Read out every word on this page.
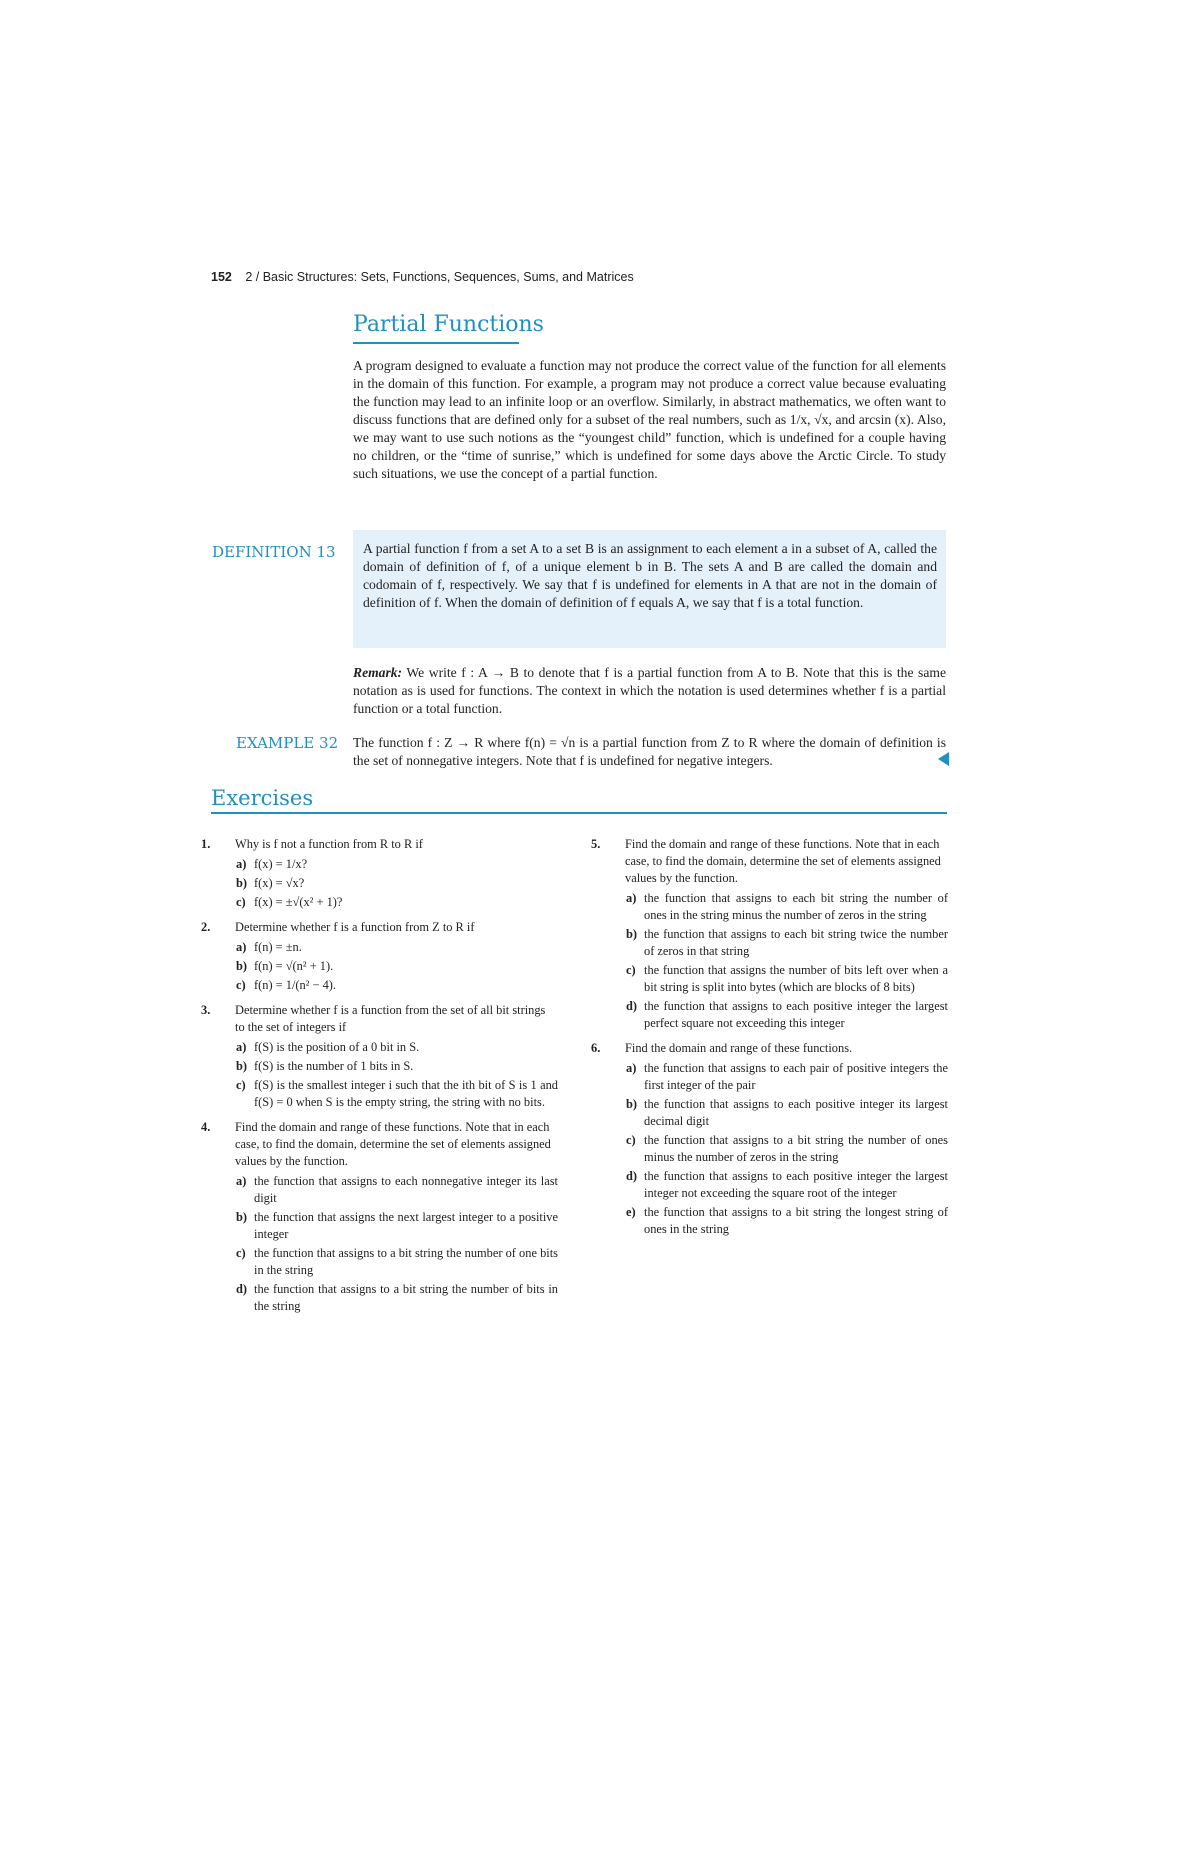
152 2 / Basic Structures: Sets, Functions, Sequences, Sums, and Matrices
Partial Functions
A program designed to evaluate a function may not produce the correct value of the function for all elements in the domain of this function. For example, a program may not produce a correct value because evaluating the function may lead to an infinite loop or an overflow. Similarly, in abstract mathematics, we often want to discuss functions that are defined only for a subset of the real numbers, such as 1/x, √x, and arcsin (x). Also, we may want to use such notions as the “youngest child” function, which is undefined for a couple having no children, or the “time of sunrise,” which is undefined for some days above the Arctic Circle. To study such situations, we use the concept of a partial function.
DEFINITION 13 A partial function f from a set A to a set B is an assignment to each element a in a subset of A, called the domain of definition of f, of a unique element b in B. The sets A and B are called the domain and codomain of f, respectively. We say that f is undefined for elements in A that are not in the domain of definition of f. When the domain of definition of f equals A, we say that f is a total function.
Remark: We write f : A → B to denote that f is a partial function from A to B. Note that this is the same notation as is used for functions. The context in which the notation is used determines whether f is a partial function or a total function.
EXAMPLE 32 The function f : Z → R where f(n) = √n is a partial function from Z to R where the domain of definition is the set of nonnegative integers. Note that f is undefined for negative integers.
Exercises
1. Why is f not a function from R to R if
a) f(x) = 1/x?
b) f(x) = √x?
c) f(x) = ±√(x² + 1)?
2. Determine whether f is a function from Z to R if
a) f(n) = ±n.
b) f(n) = √(n² + 1).
c) f(n) = 1/(n² − 4).
3. Determine whether f is a function from the set of all bit strings to the set of integers if
a) f(S) is the position of a 0 bit in S.
b) f(S) is the number of 1 bits in S.
c) f(S) is the smallest integer i such that the ith bit of S is 1 and f(S) = 0 when S is the empty string, the string with no bits.
4. Find the domain and range of these functions. Note that in each case, to find the domain, determine the set of elements assigned values by the function.
a) the function that assigns to each nonnegative integer its last digit
b) the function that assigns the next largest integer to a positive integer
c) the function that assigns to a bit string the number of one bits in the string
d) the function that assigns to a bit string the number of bits in the string
5. Find the domain and range of these functions. Note that in each case, to find the domain, determine the set of elements assigned values by the function.
a) the function that assigns to each bit string the number of ones in the string minus the number of zeros in the string
b) the function that assigns to each bit string twice the number of zeros in that string
c) the function that assigns the number of bits left over when a bit string is split into bytes (which are blocks of 8 bits)
d) the function that assigns to each positive integer the largest perfect square not exceeding this integer
6. Find the domain and range of these functions.
a) the function that assigns to each pair of positive integers the first integer of the pair
b) the function that assigns to each positive integer its largest decimal digit
c) the function that assigns to a bit string the number of ones minus the number of zeros in the string
d) the function that assigns to each positive integer the largest integer not exceeding the square root of the integer
e) the function that assigns to a bit string the longest string of ones in the string
